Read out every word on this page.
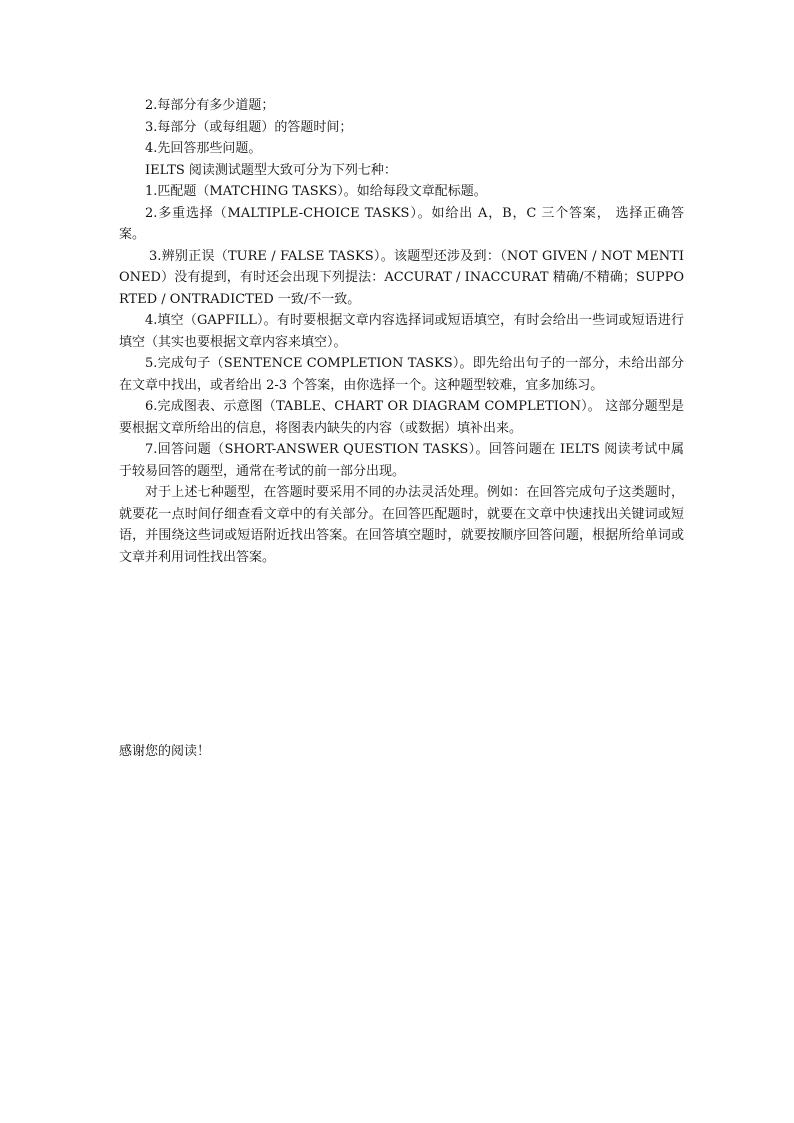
2.每部分有多少道题；

3.每部分（或每组题）的答题时间；

4.先回答那些问题。

IELTS 阅读测试题型大致可分为下列七种：

1.匹配题（MATCHING TASKS）。如给每段文章配标题。

2.多重选择（MALTIPLE-CHOICE TASKS）。如给出 A，B，C 三个答案， 选择正确答案。

3.辨别正误（TURE / FALSE TASKS）。该题型还涉及到：（NOT GIVEN / NOT MENTIONED）没有提到，有时还会出现下列提法：ACCURAT / INACCURAT 精确/不精确；SUPPORTED / ONTRADICTED 一致/不一致。

4.填空（GAPFILL）。有时要根据文章内容选择词或短语填空，有时会给出一些词或短语进行填空（其实也要根据文章内容来填空）。

5.完成句子（SENTENCE COMPLETION TASKS）。即先给出句子的一部分，未给出部分在文章中找出，或者给出 2-3 个答案，由你选择一个。这种题型较难，宜多加练习。

6.完成图表、示意图（TABLE、CHART OR DIAGRAM COMPLETION）。 这部分题型是要根据文章所给出的信息，将图表内缺失的内容（或数据）填补出来。

7.回答问题（SHORT-ANSWER QUESTION TASKS）。回答问题在 IELTS 阅读考试中属于较易回答的题型，通常在考试的前一部分出现。

对于上述七种题型，在答题时要采用不同的办法灵活处理。例如：在回答完成句子这类题时，就要花一点时间仔细查看文章中的有关部分。在回答匹配题时，就要在文章中快速找出关键词或短语，并围绕这些词或短语附近找出答案。在回答填空题时，就要按顺序回答问题，根据所给单词或文章并利用词性找出答案。

感谢您的阅读！
